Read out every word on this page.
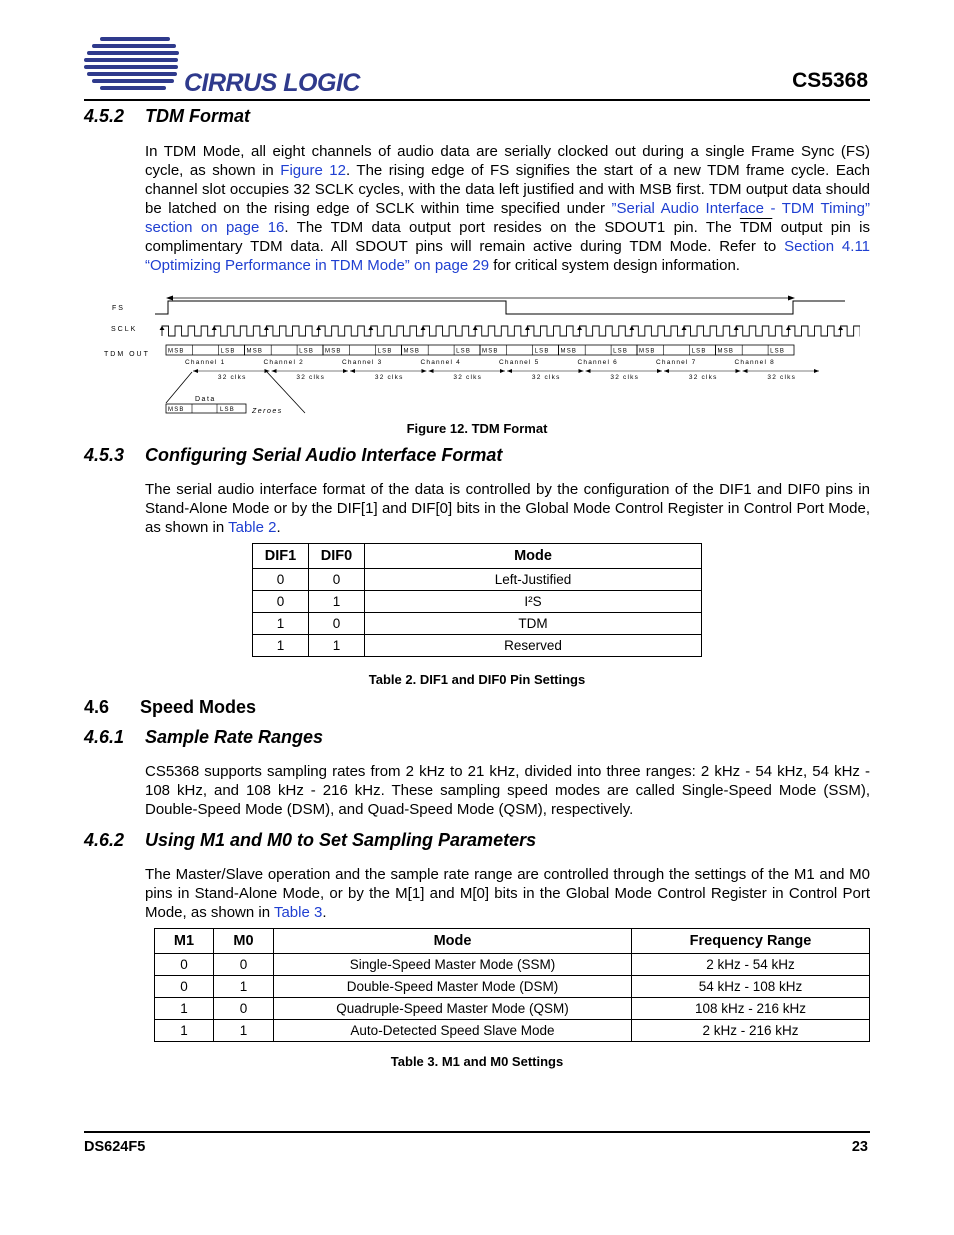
CIRRUS LOGIC	CS5368
4.5.2 TDM Format
In TDM Mode, all eight channels of audio data are serially clocked out during a single Frame Sync (FS) cycle, as shown in Figure 12. The rising edge of FS signifies the start of a new TDM frame cycle. Each channel slot occupies 32 SCLK cycles, with the data left justified and with MSB first. TDM output data should be latched on the rising edge of SCLK within time specified under ”Serial Audio Interface - TDM Timing” section on page 16. The TDM data output port resides on the SDOUT1 pin. The $\overline{TDM}$ output pin is complimentary TDM data. All SDOUT pins will remain active during TDM Mode. Refer to Section 4.11 “Optimizing Performance in TDM Mode” on page 29 for critical system design information.
FS
SCLK
TDM OUT	MSB	LSB
Channel 1
MSB	LSB
Channel 2
MSB	LSB
Channel 3
MSB	LSB
Channel 4
MSB	LSB
Channel 5
MSB	LSB
Channel 6
MSB	LSB
Channel 7
MSB	LSB
Channel 8
32 clks	32 clks	32 clks	32 clks	32 clks	32 clks	32 clks	32 clks
Data
MSB	LSB Zeroes
Figure 12. TDM Format
4.5.3 Configuring Serial Audio Interface Format
The serial audio interface format of the data is controlled by the configuration of the DIF1 and DIF0 pins in Stand-Alone Mode or by the DIF[1] and DIF[0] bits in the Global Mode Control Register in Control Port Mode, as shown in Table 2.
DIF1	DIF0	Mode
0	0	Left-Justified
0	1	I²S
1	0	TDM
1	1	Reserved
Table 2. DIF1 and DIF0 Pin Settings
4.6 Speed Modes
4.6.1 Sample Rate Ranges
CS5368 supports sampling rates from 2 kHz to 21 kHz, divided into three ranges: 2 kHz - 54 kHz, 54 kHz - 108 kHz, and 108 kHz - 216 kHz. These sampling speed modes are called Single-Speed Mode (SSM), Double-Speed Mode (DSM), and Quad-Speed Mode (QSM), respectively.
4.6.2 Using M1 and M0 to Set Sampling Parameters
The Master/Slave operation and the sample rate range are controlled through the settings of the M1 and M0 pins in Stand-Alone Mode, or by the M[1] and M[0] bits in the Global Mode Control Register in Control Port Mode, as shown in Table 3.
M1	M0	Mode	Frequency Range
0	0	Single-Speed Master Mode (SSM)	2 kHz - 54 kHz
0	1	Double-Speed Master Mode (DSM)	54 kHz - 108 kHz
1	0	Quadruple-Speed Master Mode (QSM)	108 kHz - 216 kHz
1	1	Auto-Detected Speed Slave Mode	2 kHz - 216 kHz
Table 3. M1 and M0 Settings
DS624F5	23
